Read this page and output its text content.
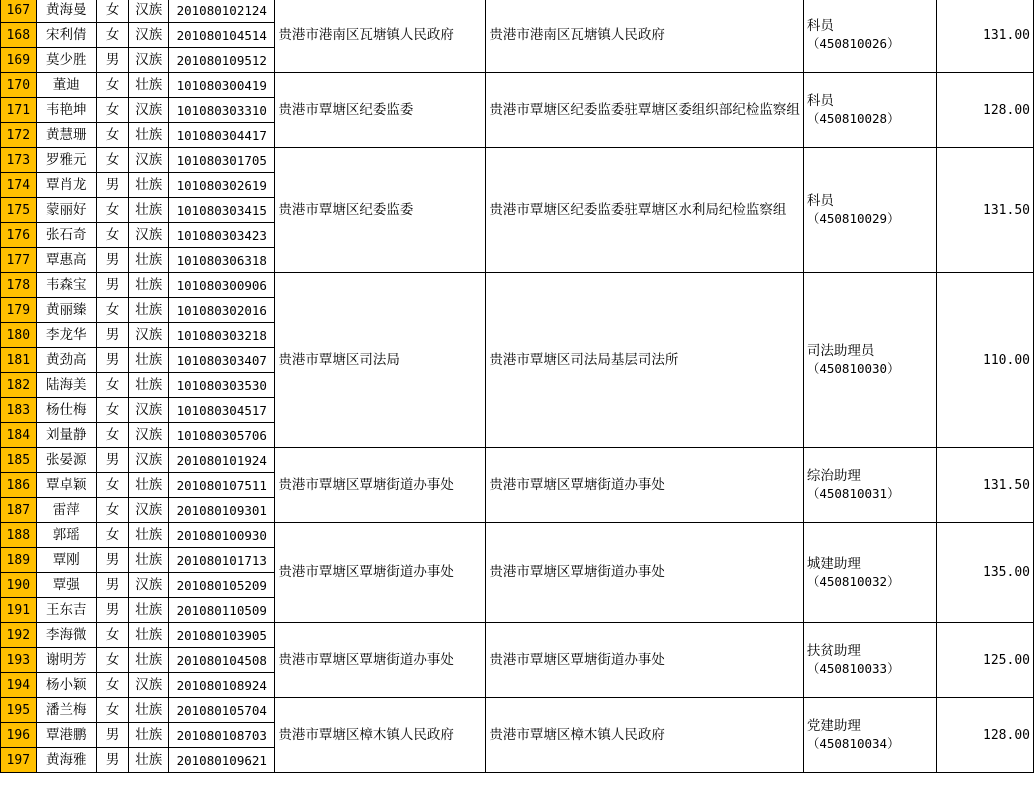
167	黄海曼	女	汉族	201080102124	贵港市港南区瓦塘镇人民政府	贵港市港南区瓦塘镇人民政府	科员
（450810026）	131.00
168	宋利倩	女	汉族	201080104514				
169	莫少胜	男	汉族	201080109512				
170	董迪	女	壮族	101080300419	贵港市覃塘区纪委监委	贵港市覃塘区纪委监委驻覃塘区委组织部纪检监察组	科员
（450810028）	128.00
171	韦艳坤	女	汉族	101080303310				
172	黄慧珊	女	壮族	101080304417				
173	罗雅元	女	汉族	101080301705	贵港市覃塘区纪委监委	贵港市覃塘区纪委监委驻覃塘区水利局纪检监察组	科员
（450810029）	131.50
174	覃肖龙	男	壮族	101080302619				
175	蒙丽好	女	壮族	101080303415				
176	张石奇	女	汉族	101080303423				
177	覃惠高	男	壮族	101080306318				
178	韦森宝	男	壮族	101080300906	贵港市覃塘区司法局	贵港市覃塘区司法局基层司法所	司法助理员
（450810030）	110.00
179	黄丽臻	女	壮族	101080302016				
180	李龙华	男	汉族	101080303218				
181	黄劲高	男	壮族	101080303407				
182	陆海美	女	壮族	101080303530				
183	杨仕梅	女	汉族	101080304517				
184	刘量静	女	汉族	101080305706				
185	张晏源	男	汉族	201080101924	贵港市覃塘区覃塘街道办事处	贵港市覃塘区覃塘街道办事处	综治助理
（450810031）	131.50
186	覃卓颖	女	壮族	201080107511				
187	雷萍	女	汉族	201080109301				
188	郭瑶	女	壮族	201080100930	贵港市覃塘区覃塘街道办事处	贵港市覃塘区覃塘街道办事处	城建助理
（450810032）	135.00
189	覃刚	男	壮族	201080101713				
190	覃强	男	汉族	201080105209				
191	王东吉	男	壮族	201080110509				
192	李海微	女	壮族	201080103905	贵港市覃塘区覃塘街道办事处	贵港市覃塘区覃塘街道办事处	扶贫助理
（450810033）	125.00
193	谢明芳	女	壮族	201080104508				
194	杨小颖	女	汉族	201080108924				
195	潘兰梅	女	壮族	201080105704	贵港市覃塘区樟木镇人民政府	贵港市覃塘区樟木镇人民政府	党建助理
（450810034）	128.00
196	覃港鹏	男	壮族	201080108703				
197	黄海雅	男	壮族	201080109621				
